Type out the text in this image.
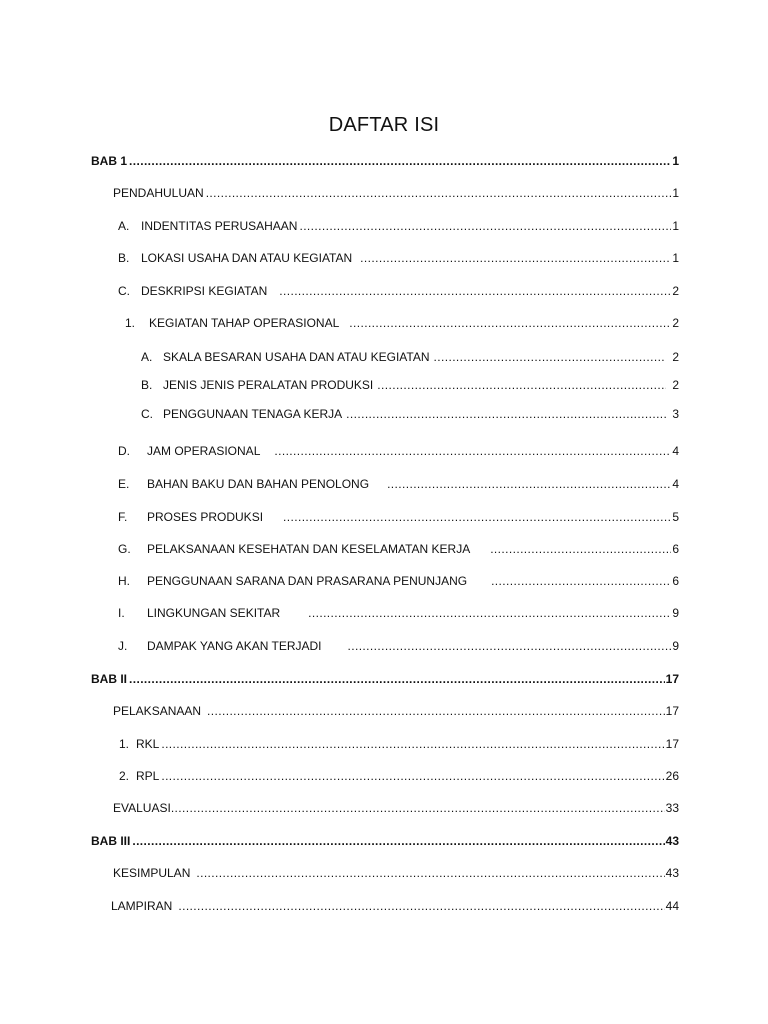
DAFTAR ISI
BAB 1 .....	1
PENDAHULUAN .....	1
A. INDENTITAS PERUSAHAAN .....	1
B. LOKASI USAHA DAN ATAU KEGIATAN .....	1
C. DESKRIPSI KEGIATAN .....	2
1.	KEGIATAN TAHAP OPERASIONAL .....	2
A. SKALA BESARAN USAHA DAN ATAU KEGIATAN .....	2
B. JENIS JENIS PERALATAN PRODUKSI .....	2
C. PENGGUNAAN TENAGA KERJA .....	3
D.	JAM OPERASIONAL .....	4
E.	BAHAN BAKU DAN BAHAN PENOLONG .....	4
F.	PROSES PRODUKSI .....	5
G.	PELAKSANAAN KESEHATAN DAN KESELAMATAN KERJA .....	6
H.	PENGGUNAAN SARANA DAN PRASARANA PENUNJANG .....	6
I.	LINGKUNGAN SEKITAR .....	9
J.	DAMPAK YANG AKAN TERJADI .....	9
BAB II .....	17
PELAKSANAAN .....	17
1. RKL .....	17
2. RPL .....	26
EVALUASI .....	33
BAB III .....	43
KESIMPULAN .....	43
LAMPIRAN .....	44
